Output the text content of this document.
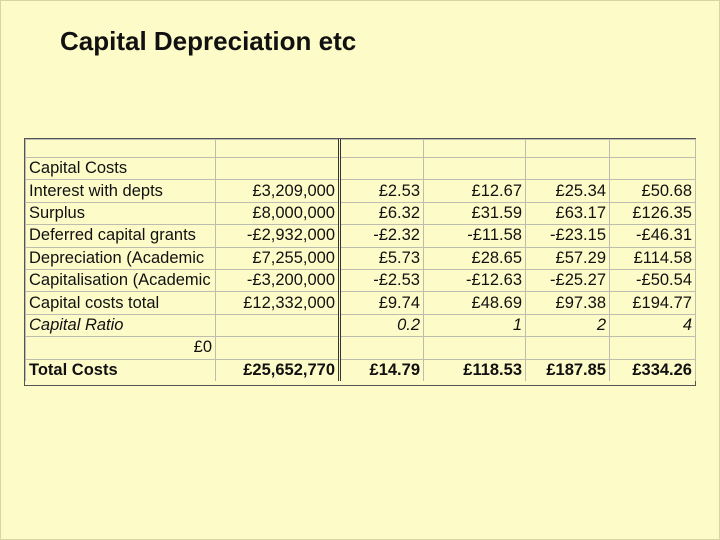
Capital Depreciation etc

Capital Costs					
Interest with depts	£3,209,000	£2.53	£12.67	£25.34	£50.68
Surplus	£8,000,000	£6.32	£31.59	£63.17	£126.35
Deferred capital grants	-£2,932,000	-£2.32	-£11.58	-£23.15	-£46.31
Depreciation (Academic	£7,255,000	£5.73	£28.65	£57.29	£114.58
Capitalisation (Academic	-£3,200,000	-£2.53	-£12.63	-£25.27	-£50.54
Capital costs total	£12,332,000	£9.74	£48.69	£97.38	£194.77
Capital Ratio		0.2	1	2	4
£0					
Total Costs	£25,652,770	£14.79	£118.53	£187.85	£334.26
